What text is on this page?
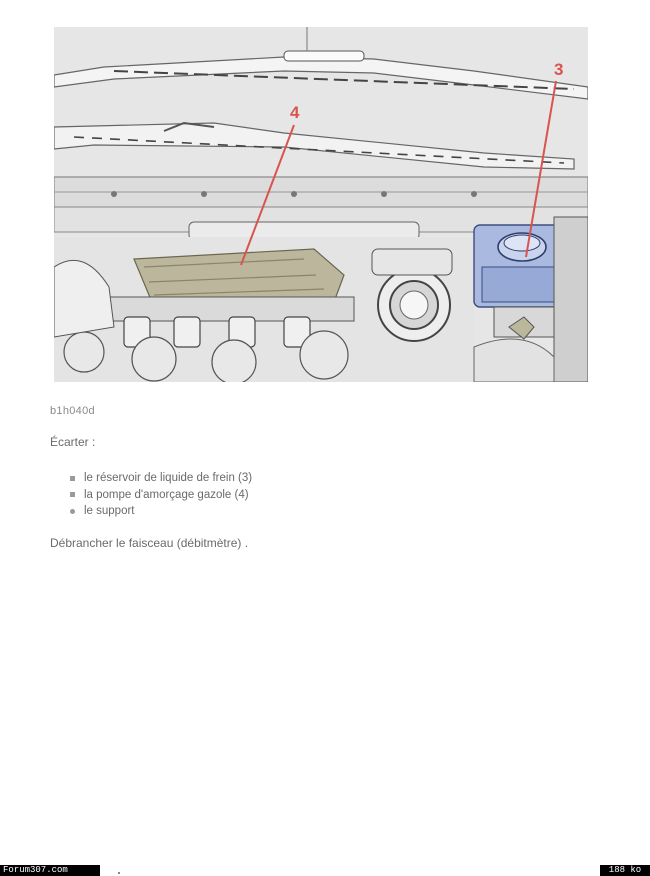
4
3
b1h040d
Écarter :
le réservoir de liquide de frein (3)
la pompe d'amorçage gazole (4)
le support
Débrancher le faisceau (débitmètre) .
Forum307.com	188 ko
